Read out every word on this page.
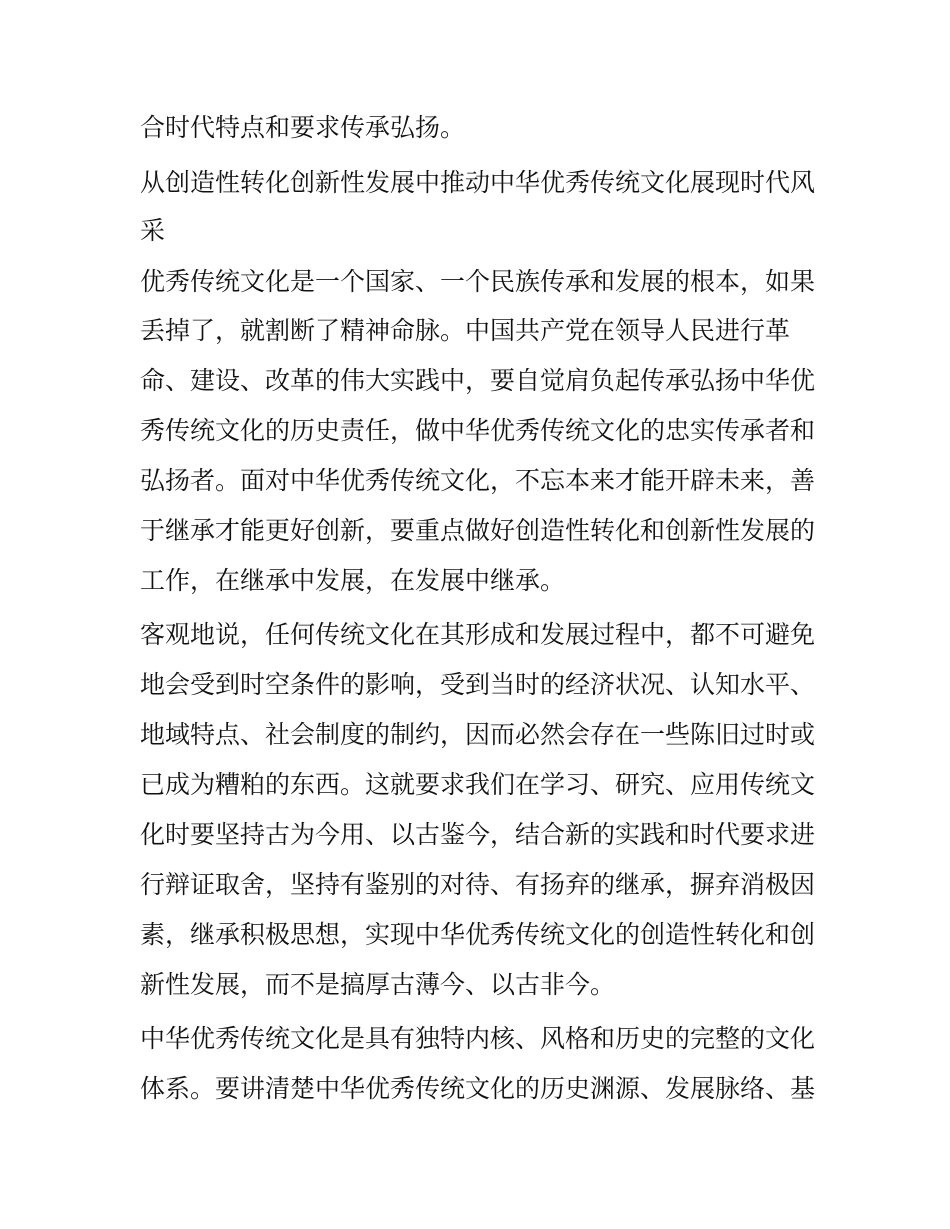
合时代特点和要求传承弘扬。
从创造性转化创新性发展中推动中华优秀传统文化展现时代风
采
优秀传统文化是一个国家、一个民族传承和发展的根本，如果
丢掉了，就割断了精神命脉。中国共产党在领导人民进行革
命、建设、改革的伟大实践中，要自觉肩负起传承弘扬中华优
秀传统文化的历史责任，做中华优秀传统文化的忠实传承者和
弘扬者。面对中华优秀传统文化，不忘本来才能开辟未来，善
于继承才能更好创新，要重点做好创造性转化和创新性发展的
工作，在继承中发展，在发展中继承。
客观地说，任何传统文化在其形成和发展过程中，都不可避免
地会受到时空条件的影响，受到当时的经济状况、认知水平、
地域特点、社会制度的制约，因而必然会存在一些陈旧过时或
已成为糟粕的东西。这就要求我们在学习、研究、应用传统文
化时要坚持古为今用、以古鉴今，结合新的实践和时代要求进
行辩证取舍，坚持有鉴别的对待、有扬弃的继承，摒弃消极因
素，继承积极思想，实现中华优秀传统文化的创造性转化和创
新性发展，而不是搞厚古薄今、以古非今。
中华优秀传统文化是具有独特内核、风格和历史的完整的文化
体系。要讲清楚中华优秀传统文化的历史渊源、发展脉络、基
